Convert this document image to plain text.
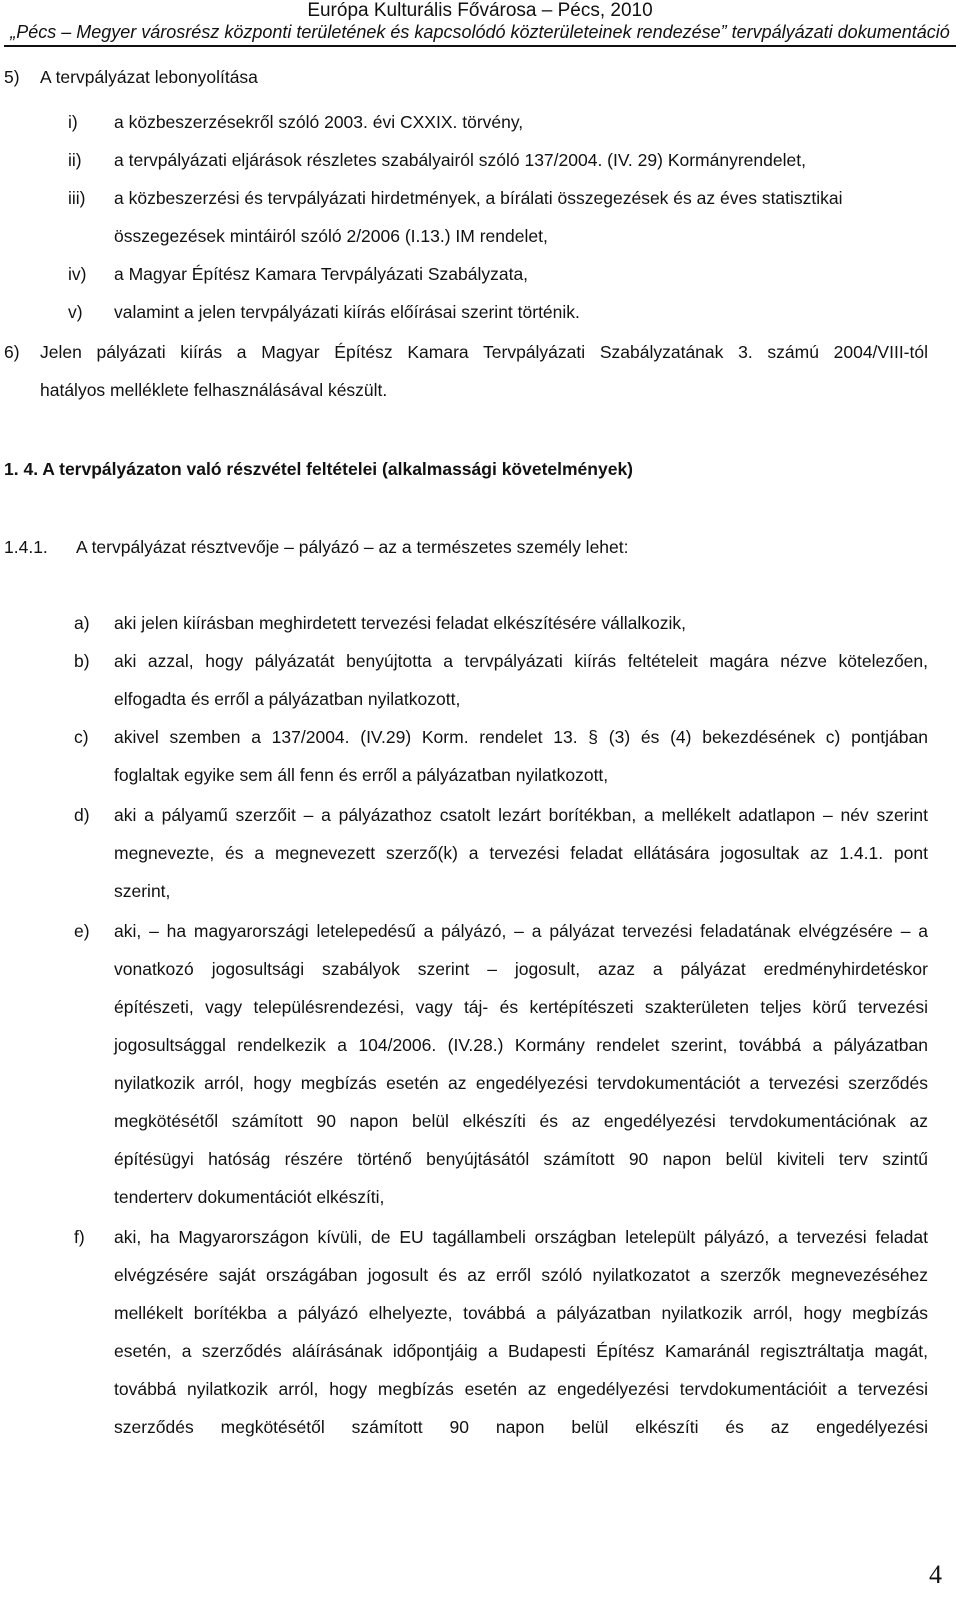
Európa Kulturális Fővárosa – Pécs, 2010
„Pécs – Megyer városrész központi területének és kapcsolódó közterületeinek rendezése” tervpályázati dokumentáció
5) A tervpályázat lebonyolítása
i) a közbeszerzésekről szóló 2003. évi CXXIX. törvény,
ii) a tervpályázati eljárások részletes szabályairól szóló 137/2004. (IV. 29) Kormányrendelet,
iii) a közbeszerzési és tervpályázati hirdetmények, a bírálati összegezések és az éves statisztikai
összegezések mintáiról szóló 2/2006 (I.13.) IM rendelet,
iv) a Magyar Építész Kamara Tervpályázati Szabályzata,
v) valamint a jelen tervpályázati kiírás előírásai szerint történik.
6) Jelen pályázati kiírás a Magyar Építész Kamara Tervpályázati Szabályzatának 3. számú 2004/VIII-tól
hatályos melléklete felhasználásával készült.
1. 4. A tervpályázaton való részvétel feltételei (alkalmassági követelmények)
1.4.1. A tervpályázat résztvevője – pályázó – az a természetes személy lehet:
a) aki jelen kiírásban meghirdetett tervezési feladat elkészítésére vállalkozik,
b) aki azzal, hogy pályázatát benyújtotta a tervpályázati kiírás feltételeit magára nézve kötelezően,
elfogadta és erről a pályázatban nyilatkozott,
c) akivel szemben a 137/2004. (IV.29) Korm. rendelet 13. § (3) és (4) bekezdésének c) pontjában
foglaltak egyike sem áll fenn és erről a pályázatban nyilatkozott,
d) aki a pályamű szerzőit – a pályázathoz csatolt lezárt borítékban, a mellékelt adatlapon – név szerint
megnevezte, és a megnevezett szerző(k) a tervezési feladat ellátására jogosultak az 1.4.1. pont
szerint,
e) aki, – ha magyarországi letelepedésű a pályázó, – a pályázat tervezési feladatának elvégzésére – a
vonatkozó jogosultsági szabályok szerint – jogosult, azaz a pályázat eredményhirdetéskor
építészeti, vagy településrendezési, vagy táj- és kertépítészeti szakterületen teljes körű tervezési
jogosultsággal rendelkezik a 104/2006. (IV.28.) Kormány rendelet szerint, továbbá a pályázatban
nyilatkozik arról, hogy megbízás esetén az engedélyezési tervdokumentációt a tervezési szerződés
megkötésétől számított 90 napon belül elkészíti és az engedélyezési tervdokumentációnak az
építésügyi hatóság részére történő benyújtásától számított 90 napon belül kiviteli terv szintű
tenderterv dokumentációt elkészíti,
f) aki, ha Magyarországon kívüli, de EU tagállambeli országban letelepült pályázó, a tervezési feladat
elvégzésére saját országában jogosult és az erről szóló nyilatkozatot a szerzők megnevezéséhez
mellékelt borítékba a pályázó elhelyezte, továbbá a pályázatban nyilatkozik arról, hogy megbízás
esetén, a szerződés aláírásának időpontjáig a Budapesti Építész Kamaránál regisztráltatja magát,
továbbá nyilatkozik arról, hogy megbízás esetén az engedélyezési tervdokumentációit a tervezési
szerződés megkötésétől számított 90 napon belül elkészíti és az engedélyezési
4
